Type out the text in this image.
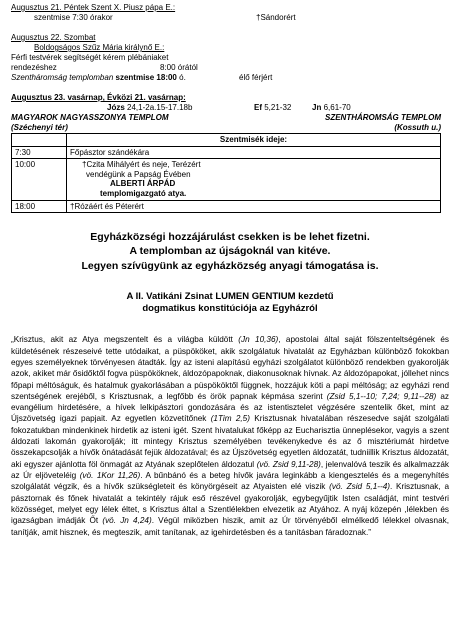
Augusztus 21. Péntek Szent X. Piusz pápa E.:
szentmise 7:30 órakor	†Sándorért
Augusztus 22. Szombat
Boldogságos Szűz Mária királynő E.:
Férfi testvérek segítségét kérem plébániaket
rendezéshez	8:00 órától
Szentháromság templomban szentmise 18:00 ó.	élő férjért
Augusztus 23. vasárnap, Évközi 21. vasárnap:
Józs 24,1-2a.15-17.18b	Ef 5,21-32	Jn 6,61-70
MAGYAROK NAGYASSZONYA TEMPLOM	SZENTHÁROMSÁG TEMPLOM
(Széchenyi tér)	(Kossuth u.)
	Szentmisék ideje:
7:30	Főpásztor szándékára
10:00	†Czita Mihályért és neje, Terézért
vendégünk a Papság Évében
ALBERTI ÁRPÁD
templomigazgató atya.

18:00	†Rózáért és Péterért
Egyházközségi hozzájárulást csekken is be lehet fizetni.
A templomban az újságoknál van kitéve.
Legyen szívügyünk az egyházközség anyagi támogatása is.
A II. Vatikáni Zsinat LUMEN GENTIUM kezdetű
dogmatikus konstitúciója az Egyházról
„Krisztus, akit az Atya megszentelt és a világba küldött (Jn 10,36), apostolai által saját fölszenteltségének és küldetésének részeseivé tette utódaikat, a püspököket, akik szolgálatuk hivatalát az Egyházban különböző fokokban egyes személyeknek törvényesen átadták. Így az isteni alapítású egyházi szolgálatot különböző rendekben gyakorolják azok, akiket már ősidőktől fogva püspököknek, áldozópapoknak, diakonusoknak hívnak. Az áldozópapokat, jóllehet nincs főpapi méltóságuk, és hatalmuk gyakorlásában a püspököktől függnek, hozzájuk köti a papi méltóság; az egyházi rend szentségének erejéből, s Krisztusnak, a legfőbb és örök papnak képmása szerint (Zsid 5,1--10; 7,24; 9,11--28) az evangélium hirdetésére, a hívek lelkipásztori gondozására és az istentisztelet végzésére szentelik őket, mint az Újszövetség igazi papjait. Az egyetlen közvetítőnek (1Tim 2,5) Krisztusnak hivatalában részesedve saját szolgálati fokozatukban mindenkinek hirdetik az isteni igét. Szent hivatalukat főképp az Eucharisztia ünneplésekor, vagyis a szent áldozati lakomán gyakorolják; itt mintegy Krisztus személyében tevékenykedve és az ő misztériumát hirdetve összekapcsolják a hívők önátadását fejük áldozatával; és az Újszövetség egyetlen áldozatát, tudniillik Krisztus áldozatát, aki egyszer ajánlotta föl önmagát az Atyának szeplőtelen áldozatul (vö. Zsid 9,11-28), jelenvalóvá teszik és alkalmazzák az Úr eljöveteléig (vö. 1Kor 11,26). A bűnbánó és a beteg hívők javára leginkább a kiengesztelés és a megenyhítés szolgálatát végzik, és a hívők szükségleteit és könyörgéseit az Atyaisten elé viszik (vö. Zsid 5,1--4). Krisztusnak, a pásztornak és főnek hivatalát a tekintély rájuk eső részével gyakorolják, egybegyűjtik Isten családját, mint testvéri közösséget, melyet egy lélek éltet, s Krisztus által a Szentlélekben elvezetik az Atyához. A nyáj közepén ,lélekben és igazságban imádják Őt (vö. Jn 4,24). Végül miközben hiszik, amit az Úr törvényéből elmélkedő lélekkel olvasnak, tanítják, amit hisznek, és megteszik, amit tanítanak, az igehirdetésben és a tanításban fáradoznak.”
